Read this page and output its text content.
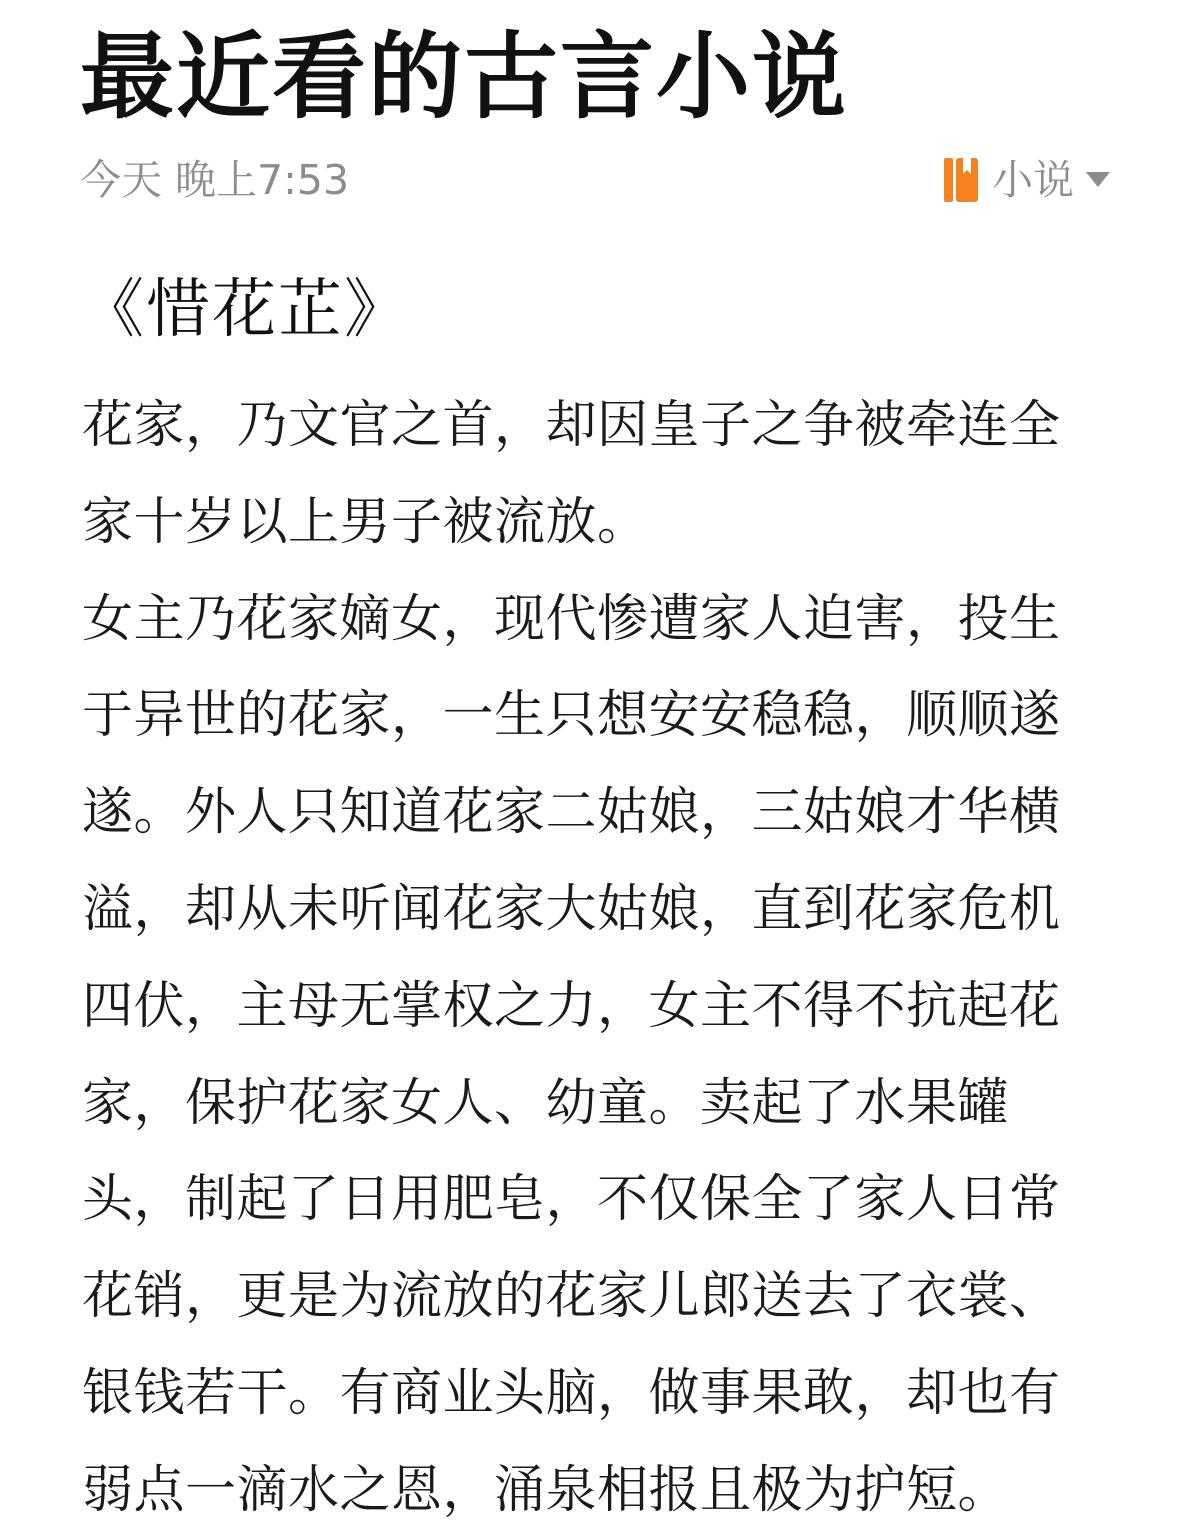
最近看的古言小说
今天 晚上7:53	小说
《惜花芷》
花家，乃文官之首，却因皇子之争被牵连全
家十岁以上男子被流放。
女主乃花家嫡女，现代惨遭家人迫害，投生
于异世的花家，一生只想安安稳稳，顺顺遂
遂。外人只知道花家二姑娘，三姑娘才华横
溢，却从未听闻花家大姑娘，直到花家危机
四伏，主母无掌权之力，女主不得不抗起花
家，保护花家女人、幼童。卖起了水果罐
头，制起了日用肥皂，不仅保全了家人日常
花销，更是为流放的花家儿郎送去了衣裳、
银钱若干。有商业头脑，做事果敢，却也有
弱点一滴水之恩，涌泉相报且极为护短。
